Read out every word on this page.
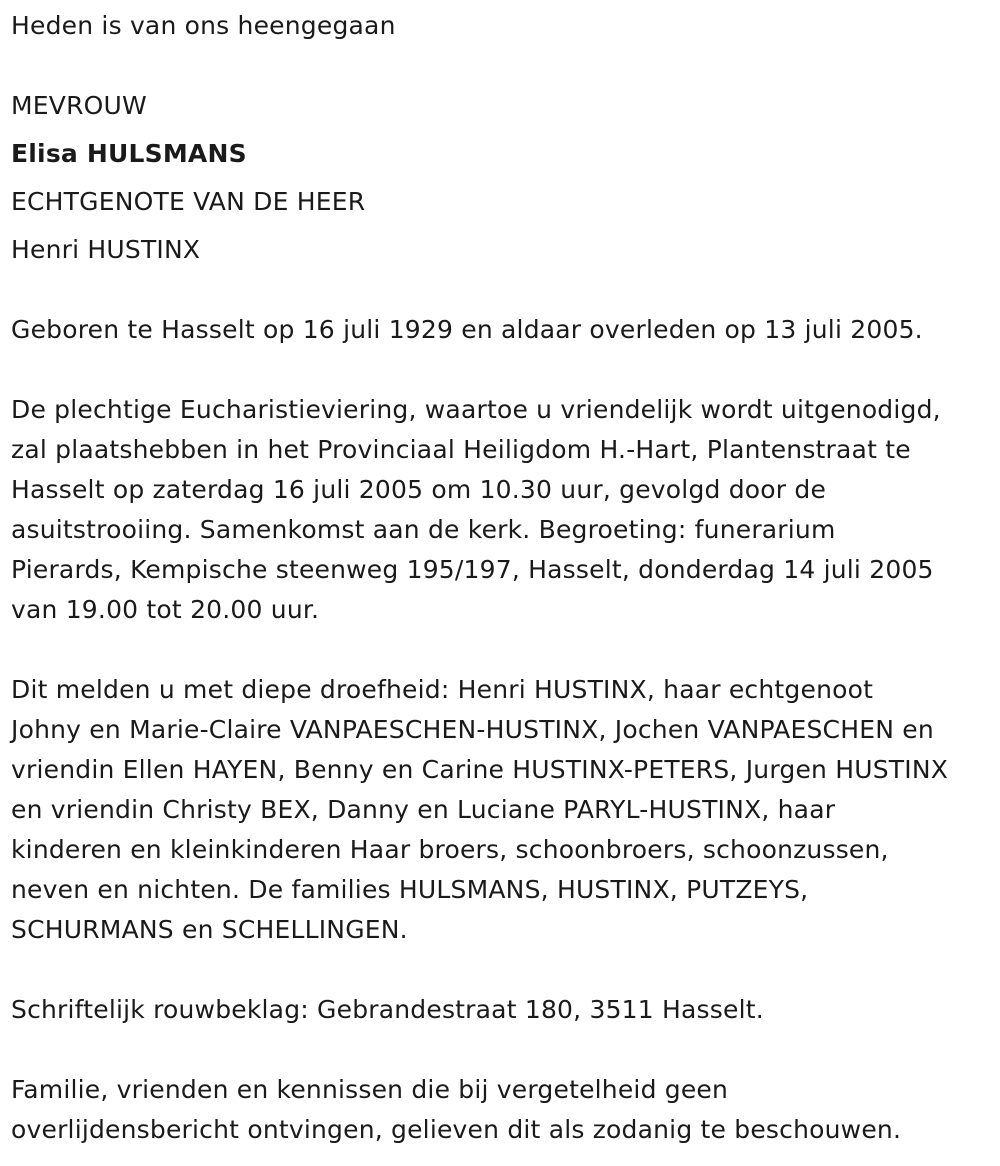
Heden is van ons heengegaan

MEVROUW

Elisa HULSMANS

ECHTGENOTE VAN DE HEER

Henri HUSTINX

Geboren te Hasselt op 16 juli 1929 en aldaar overleden op 13 juli 2005.

De plechtige Eucharistieviering, waartoe u vriendelijk wordt uitgenodigd,
zal plaatshebben in het Provinciaal Heiligdom H.-Hart, Plantenstraat te
Hasselt op zaterdag 16 juli 2005 om 10.30 uur, gevolgd door de
asuitstrooiing. Samenkomst aan de kerk. Begroeting: funerarium
Pierards, Kempische steenweg 195/197, Hasselt, donderdag 14 juli 2005
van 19.00 tot 20.00 uur.

Dit melden u met diepe droefheid: Henri HUSTINX, haar echtgenoot
Johny en Marie-Claire VANPAESCHEN-HUSTINX, Jochen VANPAESCHEN en
vriendin Ellen HAYEN, Benny en Carine HUSTINX-PETERS, Jurgen HUSTINX
en vriendin Christy BEX, Danny en Luciane PARYL-HUSTINX, haar
kinderen en kleinkinderen Haar broers, schoonbroers, schoonzussen,
neven en nichten. De families HULSMANS, HUSTINX, PUTZEYS,
SCHURMANS en SCHELLINGEN.

Schriftelijk rouwbeklag: Gebrandestraat 180, 3511 Hasselt.

Familie, vrienden en kennissen die bij vergetelheid geen
overlijdensbericht ontvingen, gelieven dit als zodanig te beschouwen.
